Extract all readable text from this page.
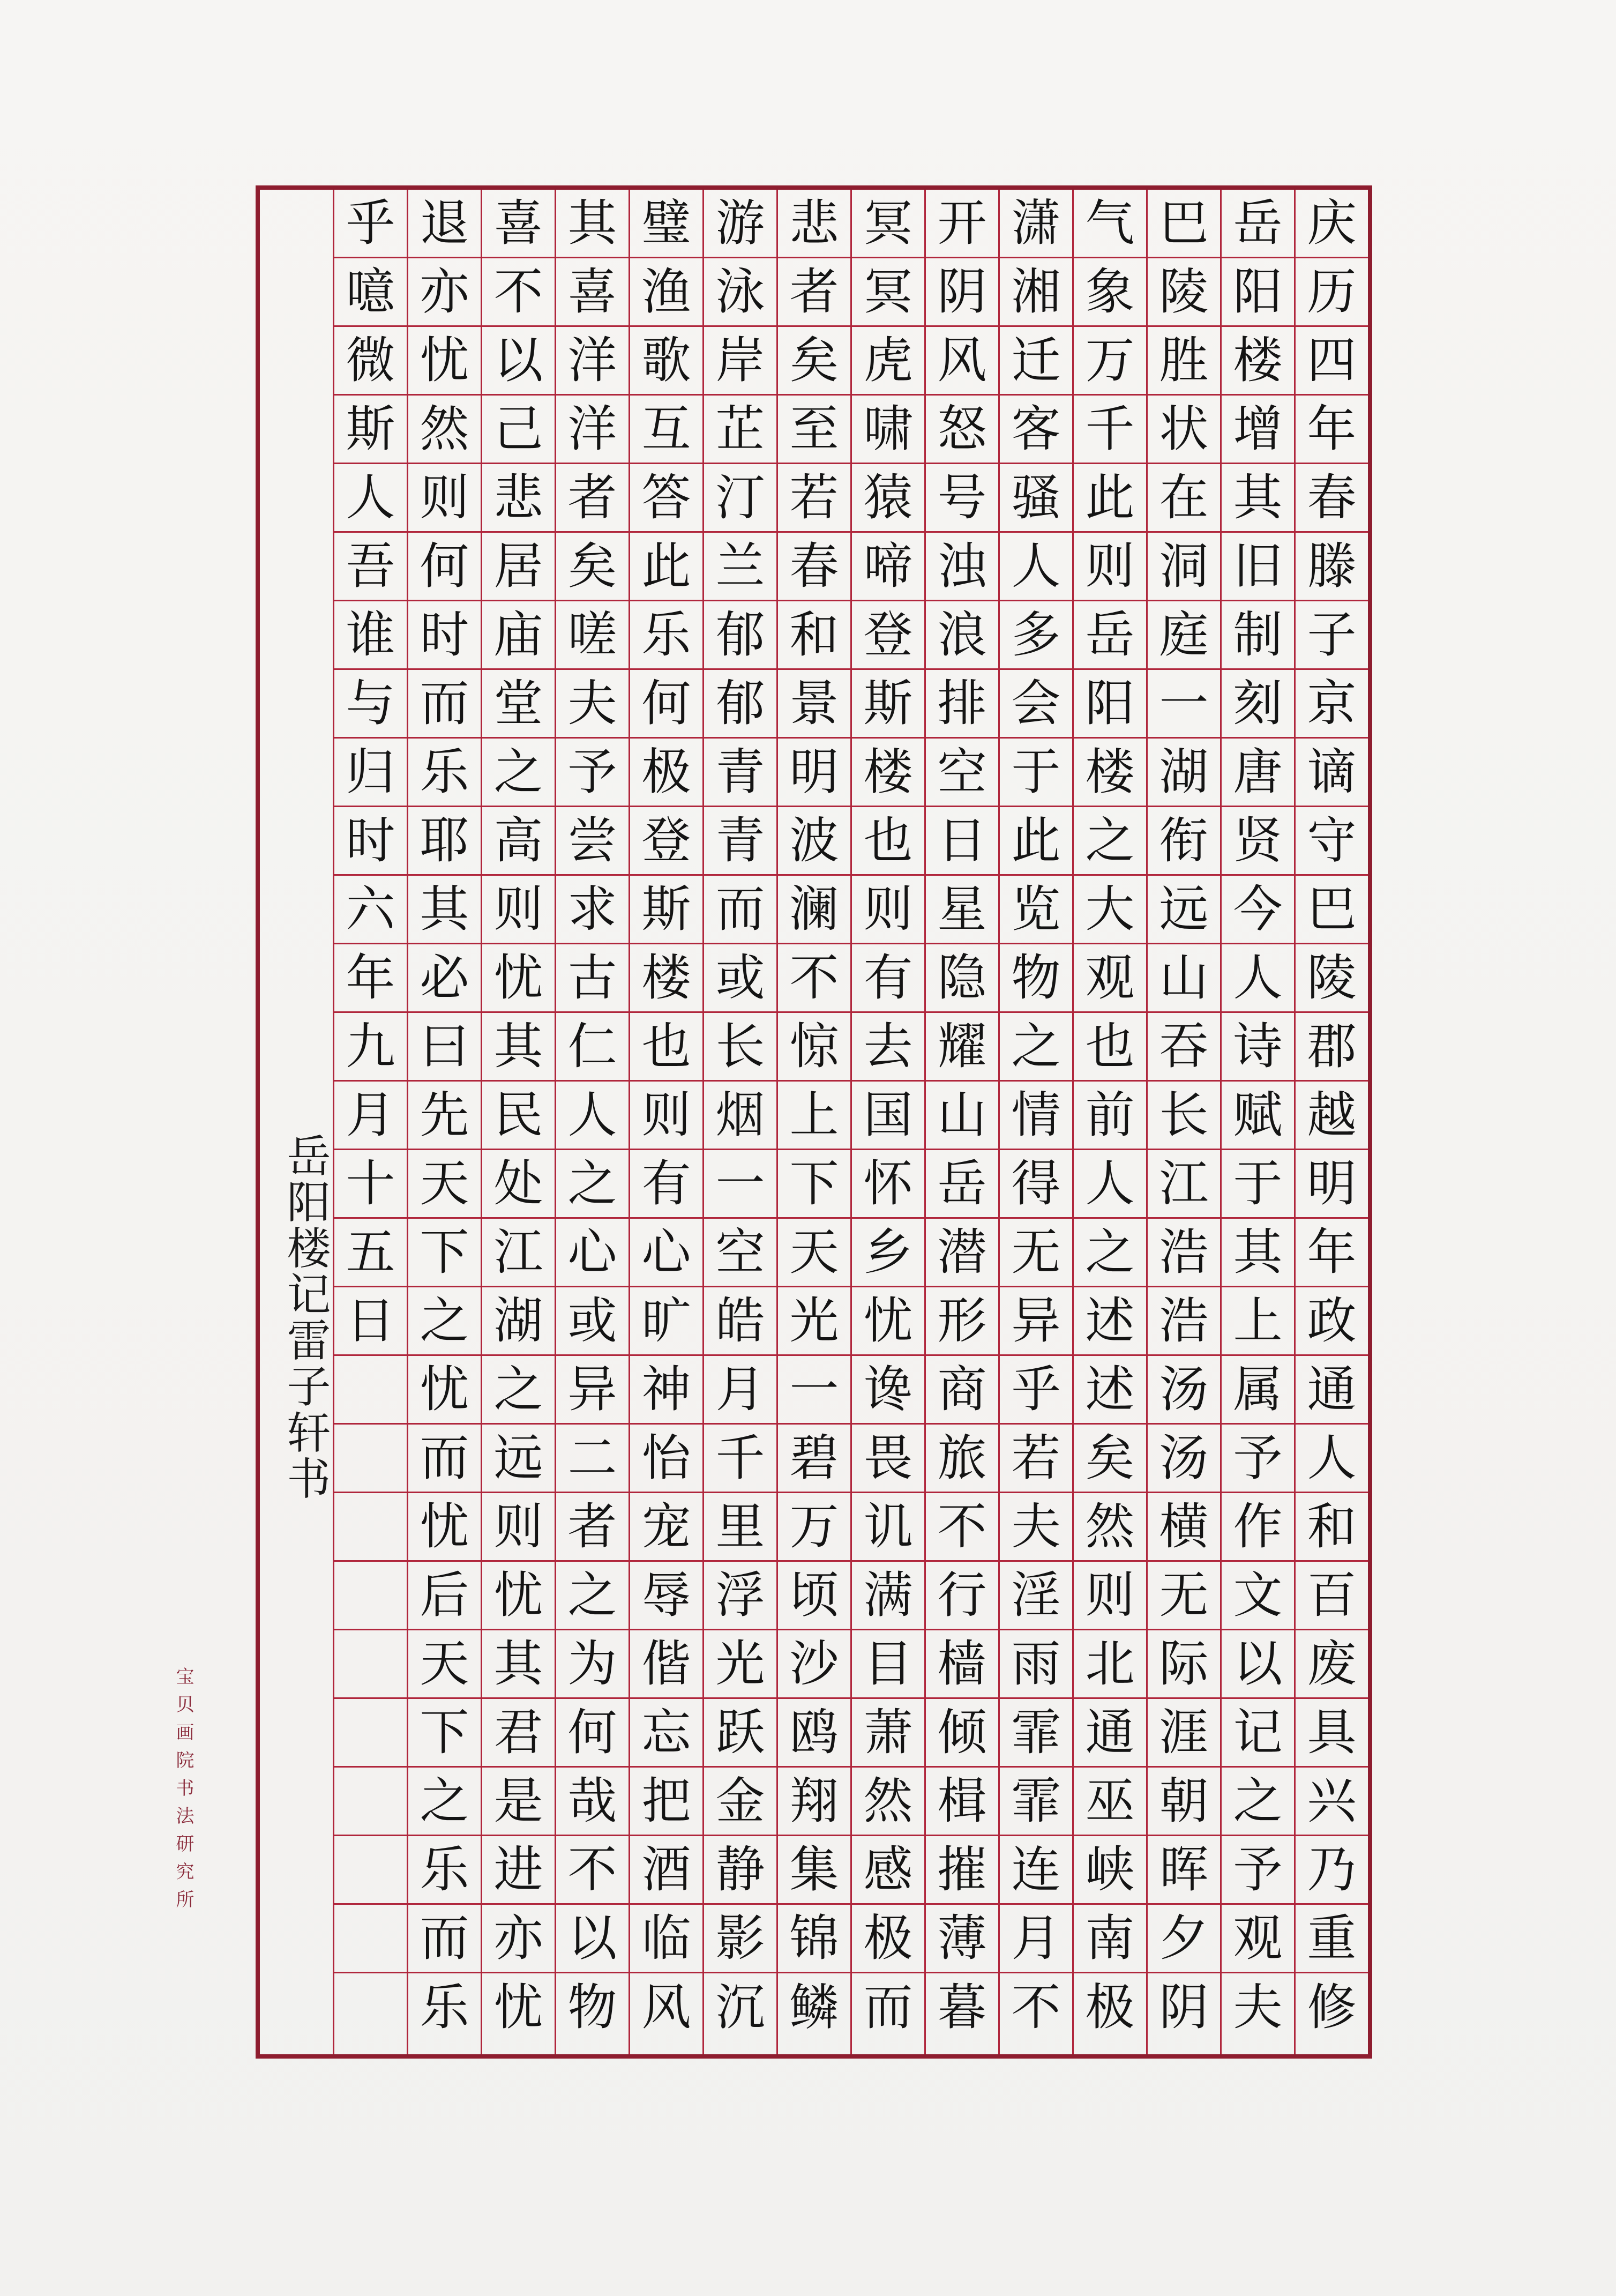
庆
历
四
年
春
滕
子
京
谪
守
巴
陵
郡
越
明
年
政
通
人
和
百
废
具
兴
乃
重
修
岳
阳
楼
增
其
旧
制
刻
唐
贤
今
人
诗
赋
于
其
上
属
予
作
文
以
记
之
予
观
夫
巴
陵
胜
状
在
洞
庭
一
湖
衔
远
山
吞
长
江
浩
浩
汤
汤
横
无
际
涯
朝
晖
夕
阴
气
象
万
千
此
则
岳
阳
楼
之
大
观
也
前
人
之
述
述
矣
然
则
北
通
巫
峡
南
极
潇
湘
迁
客
骚
人
多
会
于
此
览
物
之
情
得
无
异
乎
若
夫
淫
雨
霏
霏
连
月
不
开
阴
风
怒
号
浊
浪
排
空
日
星
隐
耀
山
岳
潜
形
商
旅
不
行
樯
倾
楫
摧
薄
暮
冥
冥
虎
啸
猿
啼
登
斯
楼
也
则
有
去
国
怀
乡
忧
谗
畏
讥
满
目
萧
然
感
极
而
悲
者
矣
至
若
春
和
景
明
波
澜
不
惊
上
下
天
光
一
碧
万
顷
沙
鸥
翔
集
锦
鳞
游
泳
岸
芷
汀
兰
郁
郁
青
青
而
或
长
烟
一
空
皓
月
千
里
浮
光
跃
金
静
影
沉
璧
渔
歌
互
答
此
乐
何
极
登
斯
楼
也
则
有
心
旷
神
怡
宠
辱
偕
忘
把
酒
临
风
其
喜
洋
洋
者
矣
嗟
夫
予
尝
求
古
仁
人
之
心
或
异
二
者
之
为
何
哉
不
以
物
喜
不
以
己
悲
居
庙
堂
之
高
则
忧
其
民
处
江
湖
之
远
则
忧
其
君
是
进
亦
忧
退
亦
忧
然
则
何
时
而
乐
耶
其
必
曰
先
天
下
之
忧
而
忧
后
天
下
之
乐
而
乐
乎
噫
微
斯
人
吾
谁
与
归
时
六
年
九
月
十
五
日
岳阳楼记雷子轩书
宝贝画院书法研究所
